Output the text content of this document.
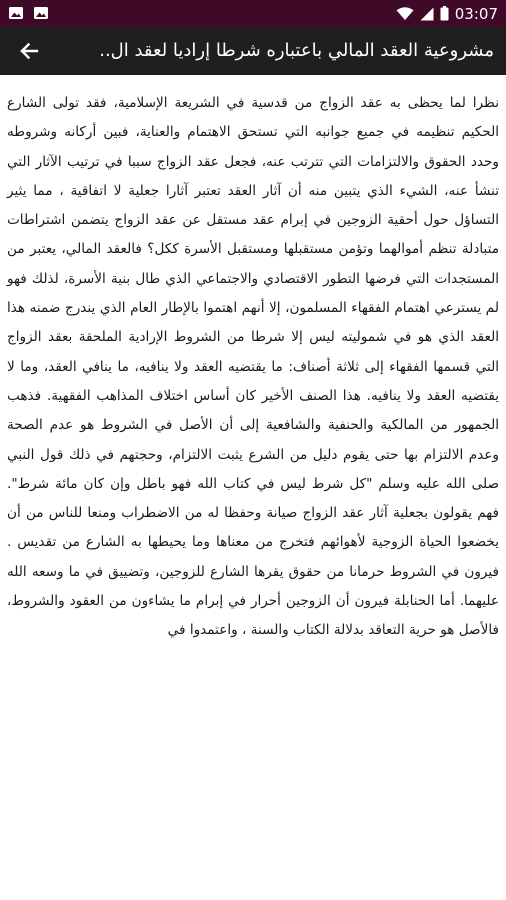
03:07
مشروعية العقد المالي باعتباره شرطا إراديا لعقد ال..

نظرا لما يحظى به عقد الزواج من قدسية في الشريعة الإسلامية، فقد تولى الشارع الحكيم تنظيمه في جميع جوانبه التي تستحق الاهتمام والعناية، فبين أركانه وشروطه وحدد الحقوق والالتزامات التي تترتب عنه، فجعل عقد الزواج سببا في ترتيب الآثار التي تنشأ عنه، الشيء الذي يتبين منه أن آثار العقد تعتبر آثارا جعلية لا اتفاقية ، مما يثير التساؤل حول أحقية الزوجين في إبرام عقد مستقل عن عقد الزواج يتضمن اشتراطات متبادلة تنظم أموالهما وتؤمن مستقبلها ومستقبل الأسرة ككل؟ فالعقد المالي، يعتبر من المستجدات التي فرضها التطور الاقتصادي والاجتماعي الذي طال بنية الأسرة، لذلك فهو لم يسترعي اهتمام الفقهاء المسلمون، إلا أنهم اهتموا بالإطار العام الذي يندرج ضمنه هذا العقد الذي هو في شموليته ليس إلا شرطا من الشروط الإرادية الملحقة بعقد الزواج التي قسمها الفقهاء إلى ثلاثة أصناف: ما يقتضيه العقد ولا ينافيه، ما ينافي العقد، وما لا يقتضيه العقد ولا ينافيه. هذا الصنف الأخير كان أساس اختلاف المذاهب الفقهية. فذهب الجمهور من المالكية والحنفية والشافعية إلى أن الأصل في الشروط هو عدم الصحة وعدم الالتزام بها حتى يقوم دليل من الشرع يثبت الالتزام، وحجتهم في ذلك قول النبي صلى الله عليه وسلم "كل شرط ليس في كتاب الله فهو باطل وإن كان مائة شرط". فهم يقولون بجعلية آثار عقد الزواج صيانة وحفظا له من الاضطراب ومنعا للناس من أن يخضعوا الحياة الزوجية لأهوائهم فتخرج من معناها وما يحيطها به الشارع من تقديس . فيرون في الشروط حرمانا من حقوق يقرها الشارع للزوجين، وتضييق في ما وسعه الله عليهما. أما الحنابلة فيرون أن الزوجين أحرار في إبرام ما يشاءون من العقود والشروط، فالأصل هو حرية التعاقد بدلالة الكتاب والسنة ، واعتمدوا في
